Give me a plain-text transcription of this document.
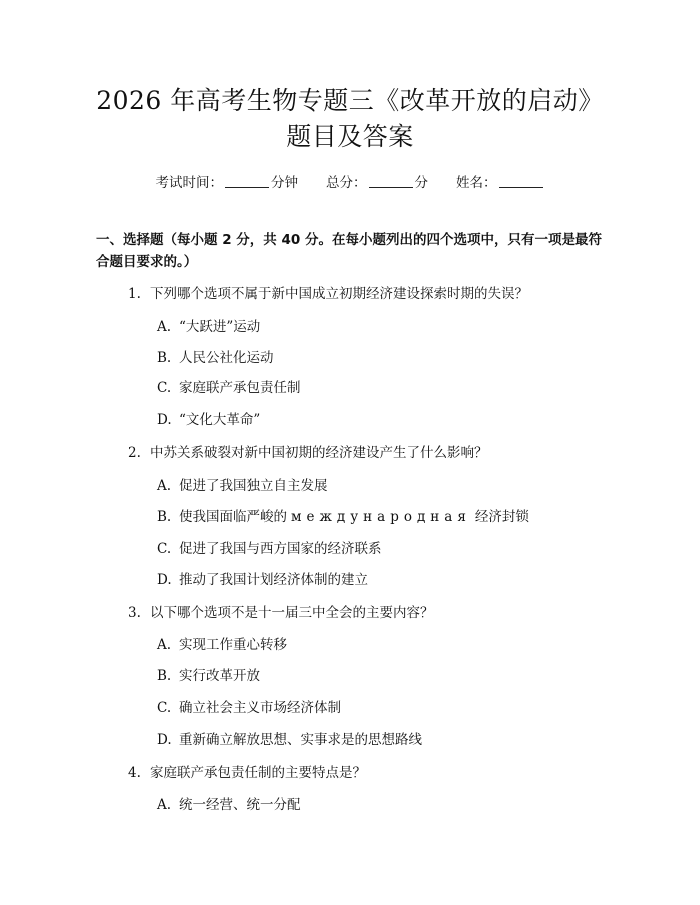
2026 年高考生物专题三《改革开放的启动》
题目及答案
考试时间：	分钟 总分：	分 姓名：
一、选择题（每小题 2 分，共 40 分。在每小题列出的四个选项中，只有一项是最符合题目要求的。）
1. 下列哪个选项不属于新中国成立初期经济建设探索时期的失误？
A. “大跃进”运动
B. 人民公社化运动
C. 家庭联产承包责任制
D. “文化大革命”
2. 中苏关系破裂对新中国初期的经济建设产生了什么影响？
A. 促进了我国独立自主发展
B. 使我国面临严峻的 международная 经济封锁
C. 促进了我国与西方国家的经济联系
D. 推动了我国计划经济体制的建立
3. 以下哪个选项不是十一届三中全会的主要内容？
A. 实现工作重心转移
B. 实行改革开放
C. 确立社会主义市场经济体制
D. 重新确立解放思想、实事求是的思想路线
4. 家庭联产承包责任制的主要特点是？
A. 统一经营、统一分配
